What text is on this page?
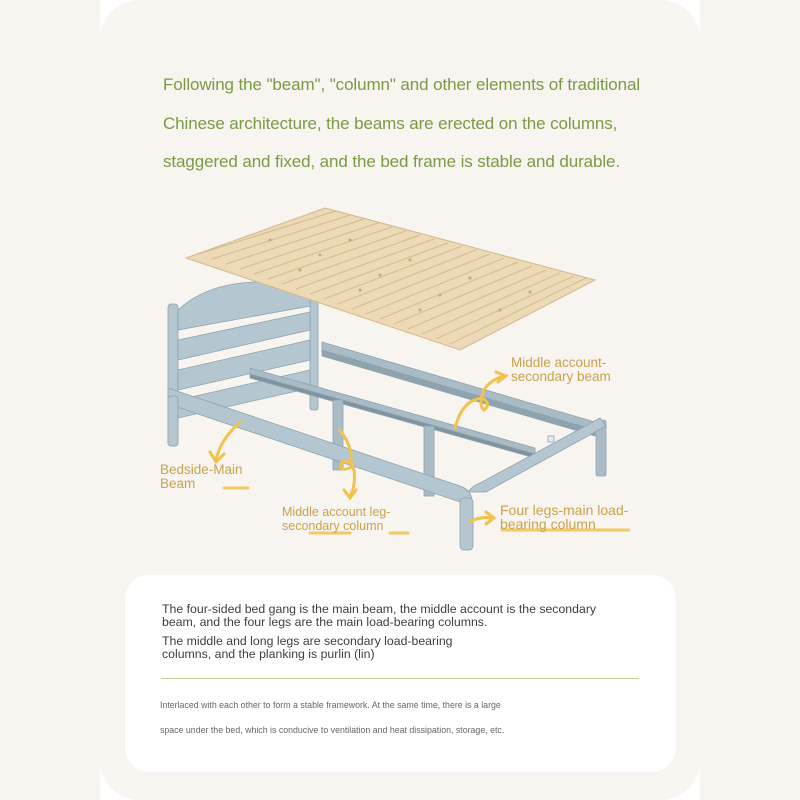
Following the "beam", "column" and other elements of traditional
Chinese architecture, the beams are erected on the columns,
staggered and fixed, and the bed frame is stable and durable.
Middle account-
secondary beam
Bedside-Main
Beam
Middle account leg-
secondary column
Four legs-main load-
bearing column
The four-sided bed gang is the main beam, the middle account is the secondary
beam, and the four legs are the main load-bearing columns.
The middle and long legs are secondary load-bearing
columns, and the planking is purlin (lin)
Interlaced with each other to form a stable framework. At the same time, there is a large
space under the bed, which is conducive to ventilation and heat dissipation, storage, etc.
